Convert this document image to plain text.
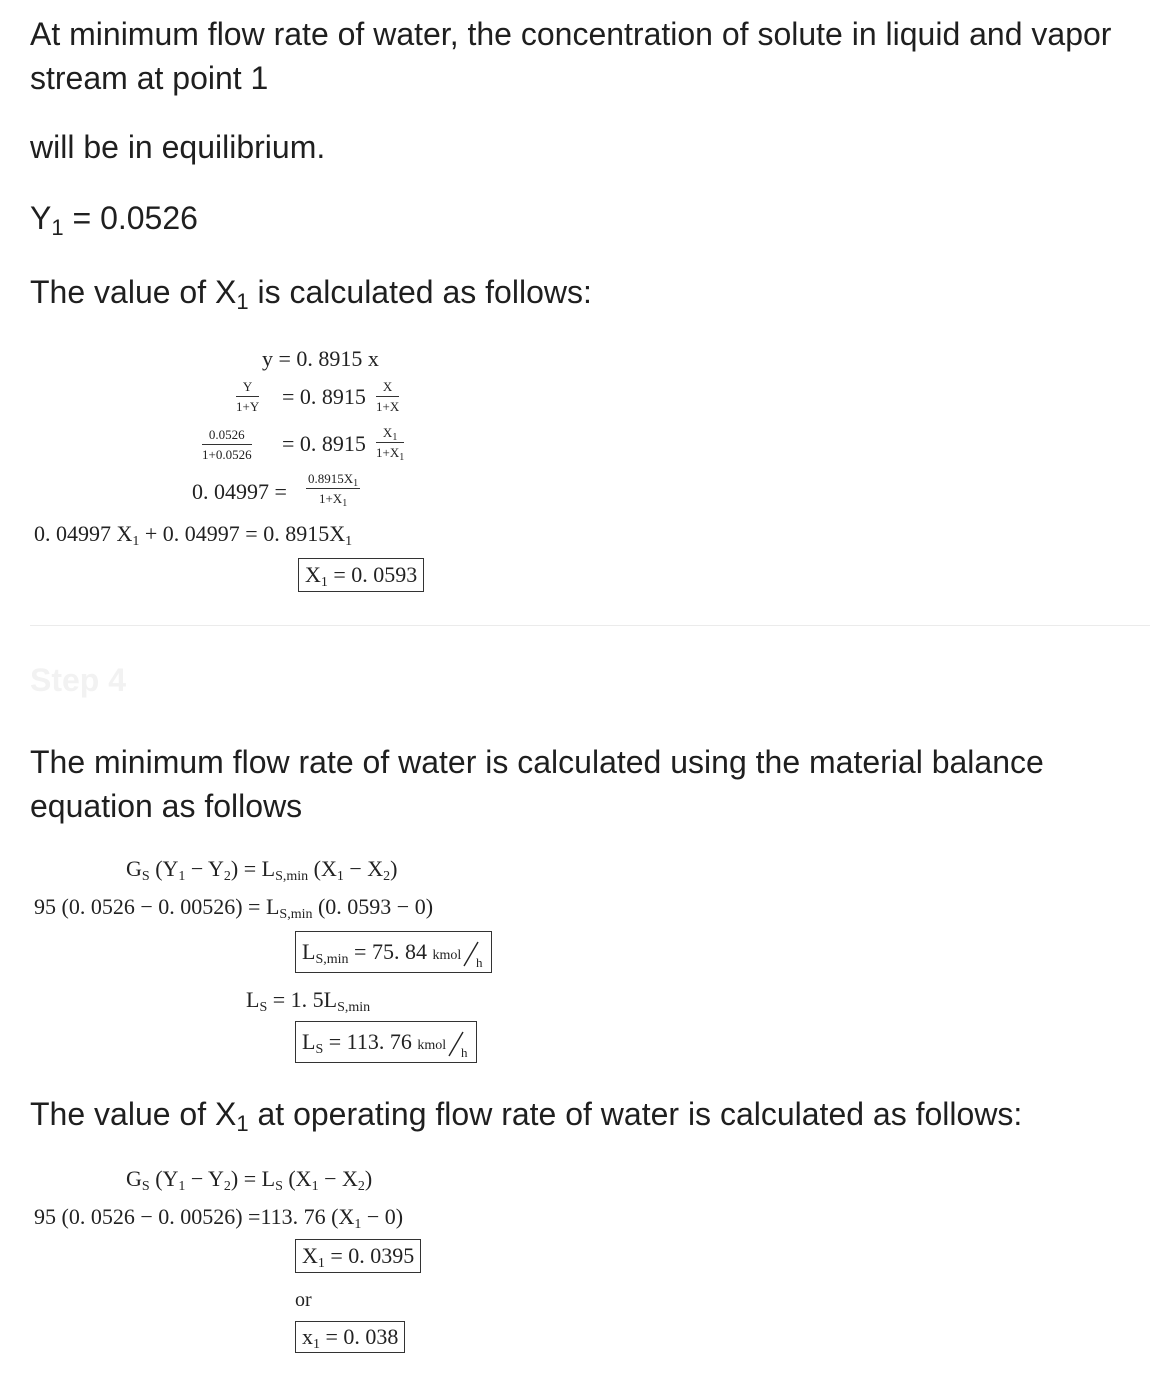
At minimum flow rate of water, the concentration of solute in liquid and vapor stream at point 1
will be in equilibrium.
$Y_1 = 0.0526$
The value of $X_1$ is calculated as follows:
y = 0. 8915 x
$\frac{Y}{1+Y} = 0$. $8915 \frac{X}{1+X}$
$\frac{0.0526}{1+0.0526} = 0$. $8915 \frac{X_1}{1+X_1}$
0. $04997 = \frac{0.8915X_1}{1+X_1}$
0. 04997 $X_1 + 0$. 04997 = 0. $8915X_1$
$X_1 = 0$. 0593
Step 4
The minimum flow rate of water is calculated using the material balance equation as follows
$G_S$ $(Y_1 - Y_2) = L_{S,min}$ $(X_1 - X_2)$
95 (0. 0526 − 0. $00526) = L_{S,min}$ (0. 0593 − 0)
$L_{S,min} = 75$. 84 kmol h
$L_S = 1$. $5L_{S,min}$
$L_S = 113$. 76 kmol h
The value of $X_1$ at operating flow rate of water is calculated as follows:
$G_S$ $(Y_1 - Y_2) = L_S$ $(X_1 - X_2)$
95 (0. 0526 − 0. 00526) =113. 76 $(X_1 - 0)$
$X_1 = 0$. 0395
or
$x_1 = 0$. 038
